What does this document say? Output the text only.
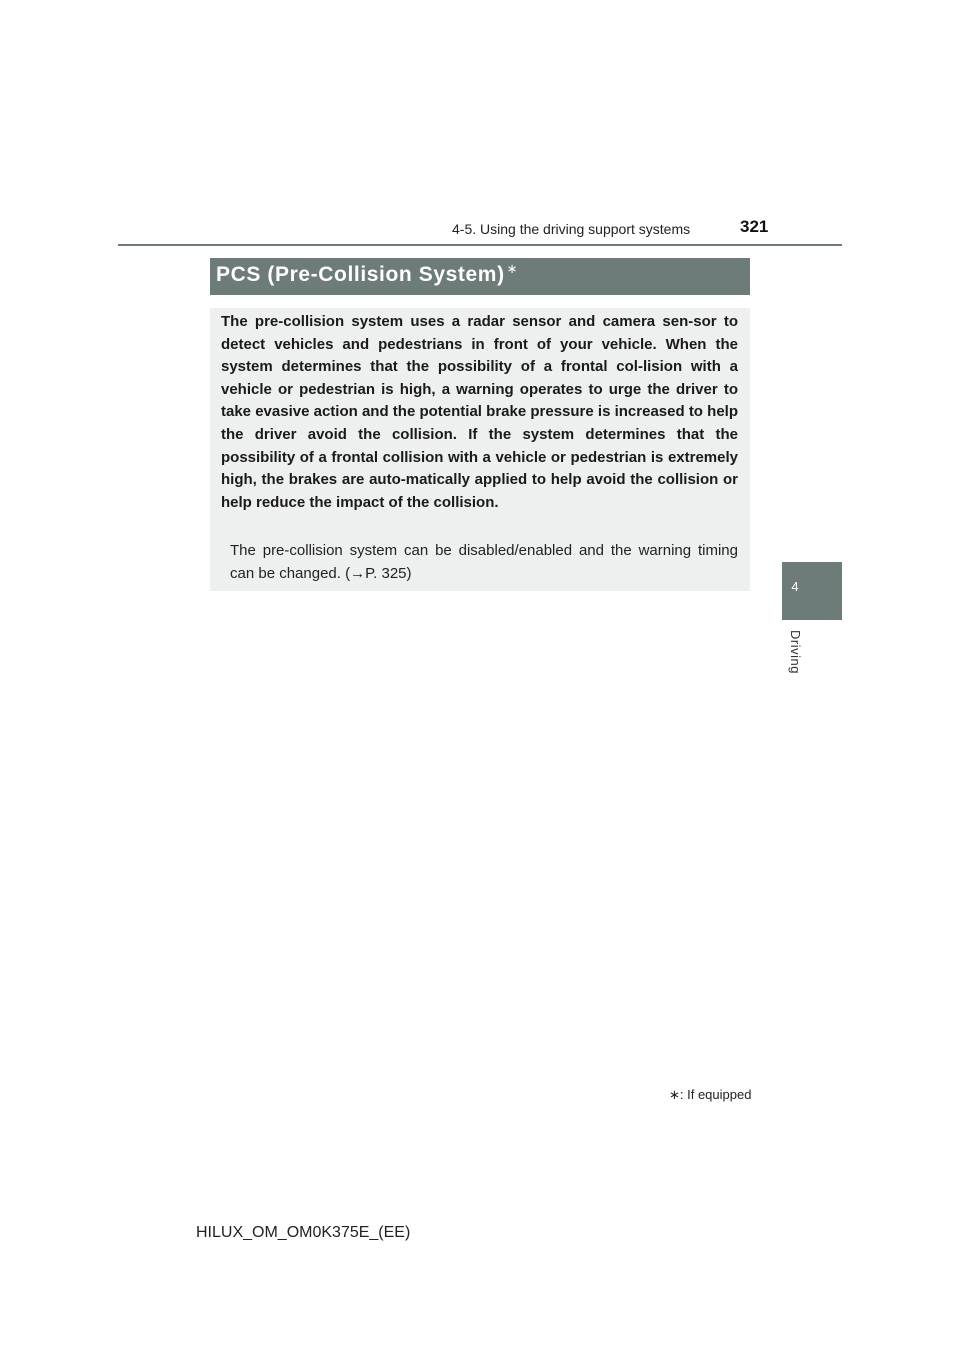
4-5. Using the driving support systems	321
4
Driving
PCS (Pre-Collision System) ∗
The pre-collision system uses a radar sensor and camera sen-sor to detect vehicles and pedestrians in front of your vehicle. When the system determines that the possibility of a frontal col-lision with a vehicle or pedestrian is high, a warning operates to urge the driver to take evasive action and the potential brake pressure is increased to help the driver avoid the collision. If the system determines that the possibility of a frontal collision with a vehicle or pedestrian is extremely high, the brakes are auto-matically applied to help avoid the collision or help reduce the impact of the collision.
The pre-collision system can be disabled/enabled and the warning timing can be changed. (→P. 325)
∗: If equipped
HILUX_OM_OM0K375E_(EE)
